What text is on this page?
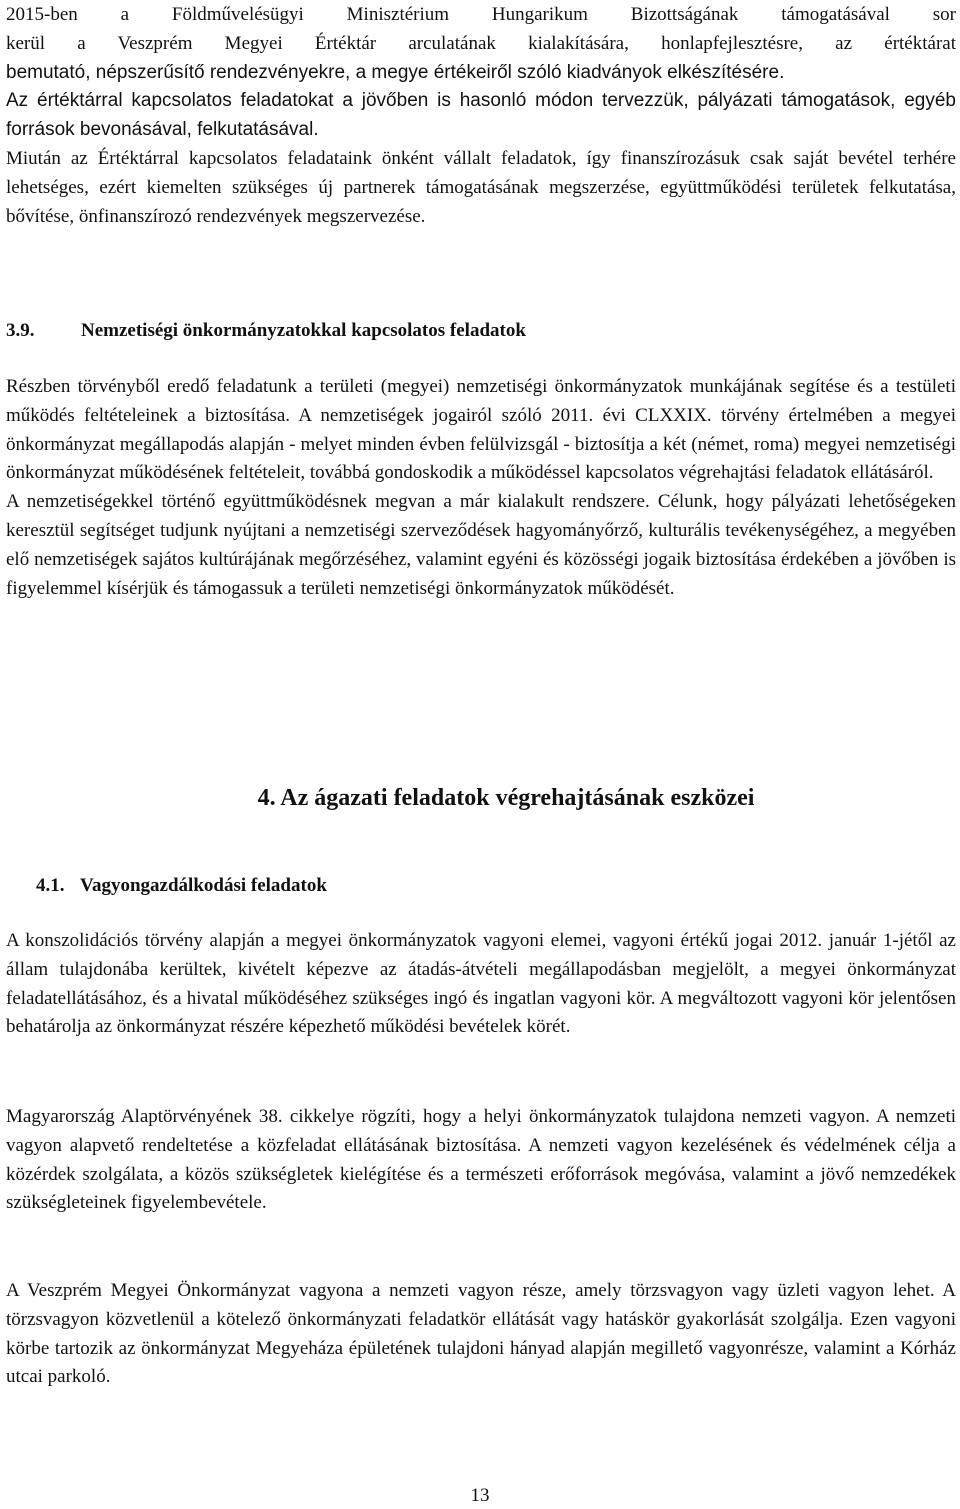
2015-ben a Földművelésügyi Minisztérium Hungarikum Bizottságának támogatásával sor
kerül a Veszprém Megyei Értéktár arculatának kialakítására, honlapfejlesztésre, az értéktárat
bemutató, népszerűsítő rendezvényekre, a megye értékeiről szóló kiadványok elkészítésére.

Az értéktárral kapcsolatos feladatokat a jövőben is hasonló módon tervezzük, pályázati támogatások, egyéb források bevonásával, felkutatásával.

Miután az Értéktárral kapcsolatos feladataink önként vállalt feladatok, így finanszírozásuk csak saját bevétel terhére lehetséges, ezért kiemelten szükséges új partnerek támogatásának megszerzése, együttműködési területek felkutatása, bővítése, önfinanszírozó rendezvények megszervezése.

3.9. Nemzetiségi önkormányzatokkal kapcsolatos feladatok

Részben törvényből eredő feladatunk a területi (megyei) nemzetiségi önkormányzatok munkájának segítése és a testületi működés feltételeinek a biztosítása. A nemzetiségek jogairól szóló 2011. évi CLXXIX. törvény értelmében a megyei önkormányzat megállapodás alapján - melyet minden évben felülvizsgál - biztosítja a két (német, roma) megyei nemzetiségi önkormányzat működésének feltételeit, továbbá gondoskodik a működéssel kapcsolatos végrehajtási feladatok ellátásáról.

A nemzetiségekkel történő együttműködésnek megvan a már kialakult rendszere. Célunk, hogy pályázati lehetőségeken keresztül segítséget tudjunk nyújtani a nemzetiségi szerveződések hagyományőrző, kulturális tevékenységéhez, a megyében elő nemzetiségek sajátos kultúrájának megőrzéséhez, valamint egyéni és közösségi jogaik biztosítása érdekében a jövőben is figyelemmel kísérjük és támogassuk a területi nemzetiségi önkormányzatok működését.

4. Az ágazati feladatok végrehajtásának eszközei
4.1. Vagyongazdálkodási feladatok

A konszolidációs törvény alapján a megyei önkormányzatok vagyoni elemei, vagyoni értékű jogai 2012. január 1-jétől az állam tulajdonába kerültek, kivételt képezve az átadás-átvételi megállapodásban megjelölt, a megyei önkormányzat feladatellátásához, és a hivatal működéséhez szükséges ingó és ingatlan vagyoni kör. A megváltozott vagyoni kör jelentősen behatárolja az önkormányzat részére képezhető működési bevételek körét.

Magyarország Alaptörvényének 38. cikkelye rögzíti, hogy a helyi önkormányzatok tulajdona nemzeti vagyon. A nemzeti vagyon alapvető rendeltetése a közfeladat ellátásának biztosítása. A nemzeti vagyon kezelésének és védelmének célja a közérdek szolgálata, a közös szükségletek kielégítése és a természeti erőforrások megóvása, valamint a jövő nemzedékek szükségleteinek figyelembevétele.

A Veszprém Megyei Önkormányzat vagyona a nemzeti vagyon része, amely törzsvagyon vagy üzleti vagyon lehet. A törzsvagyon közvetlenül a kötelező önkormányzati feladatkör ellátását vagy hatáskör gyakorlását szolgálja. Ezen vagyoni körbe tartozik az önkormányzat Megyeháza épületének tulajdoni hányad alapján megillető vagyonrésze, valamint a Kórház utcai parkoló.

13
